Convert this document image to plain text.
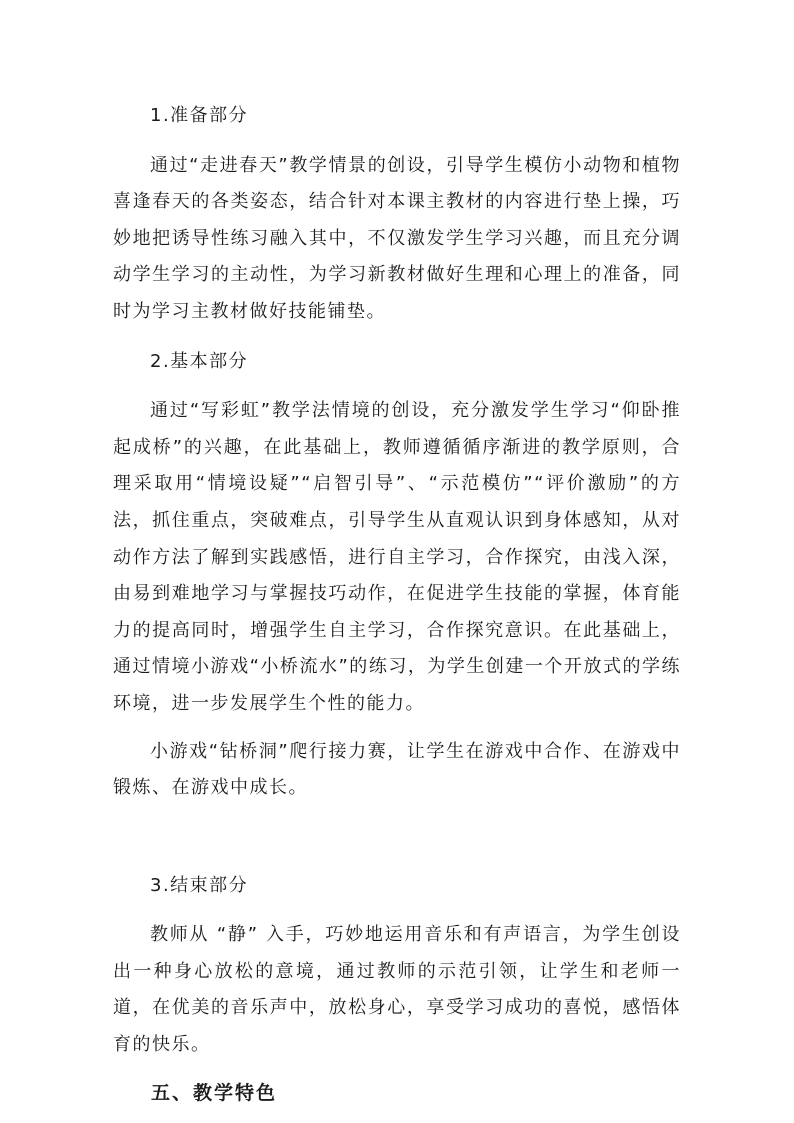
1.准备部分

通过“走进春天”教学情景的创设，引导学生模仿小动物和植物喜逢春天的各类姿态，结合针对本课主教材的内容进行垫上操，巧妙地把诱导性练习融入其中，不仅激发学生学习兴趣，而且充分调动学生学习的主动性，为学习新教材做好生理和心理上的准备，同时为学习主教材做好技能铺垫。

2.基本部分

通过“写彩虹”教学法情境的创设，充分激发学生学习“仰卧推起成桥”的兴趣，在此基础上，教师遵循循序渐进的教学原则，合理采取用“情境设疑”“启智引导”、“示范模仿”“评价激励”的方法，抓住重点，突破难点，引导学生从直观认识到身体感知，从对动作方法了解到实践感悟，进行自主学习，合作探究，由浅入深，由易到难地学习与掌握技巧动作，在促进学生技能的掌握，体育能力的提高同时，增强学生自主学习，合作探究意识。在此基础上，通过情境小游戏“小桥流水”的练习，为学生创建一个开放式的学练环境，进一步发展学生个性的能力。

小游戏“钻桥洞”爬行接力赛，让学生在游戏中合作、在游戏中锻炼、在游戏中成长。

3.结束部分

教师从 “静” 入手，巧妙地运用音乐和有声语言，为学生创设出一种身心放松的意境，通过教师的示范引领，让学生和老师一道，在优美的音乐声中，放松身心，享受学习成功的喜悦，感悟体育的快乐。

五、教学特色
